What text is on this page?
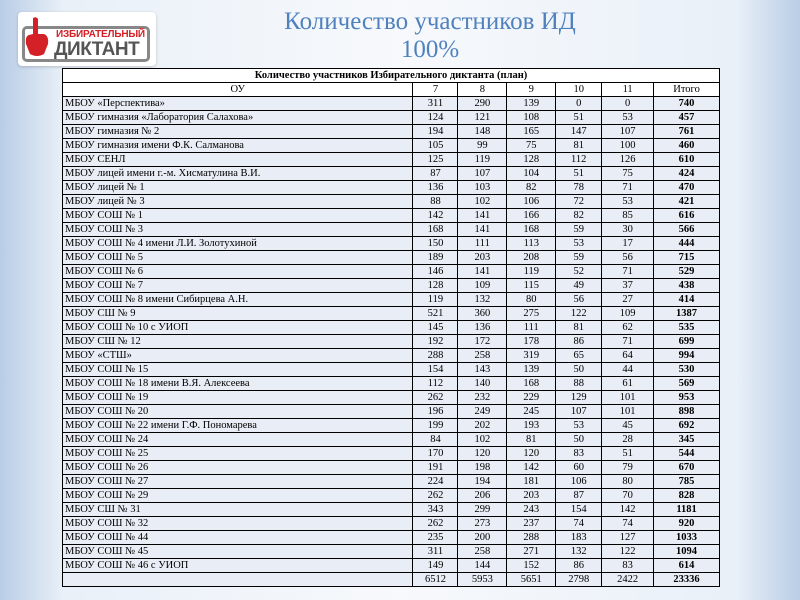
ИЗБИРАТЕЛЬНЫЙ
ДИКТАНТ
Количество участников ИД
100%
Количество участников Избирательного диктанта (план)						
ОУ	7	8	9	10	11	Итого
МБОУ «Перспектива»	311	290	139	0	0	740
МБОУ гимназия «Лаборатория Салахова»	124	121	108	51	53	457
МБОУ гимназия № 2	194	148	165	147	107	761
МБОУ гимназия имени Ф.К. Салманова	105	99	75	81	100	460
МБОУ СЕНЛ	125	119	128	112	126	610
МБОУ лицей имени г.-м. Хисматулина В.И.	87	107	104	51	75	424
МБОУ лицей № 1	136	103	82	78	71	470
МБОУ лицей № 3	88	102	106	72	53	421
МБОУ СОШ № 1	142	141	166	82	85	616
МБОУ СОШ № 3	168	141	168	59	30	566
МБОУ СОШ № 4 имени Л.И. Золотухиной	150	111	113	53	17	444
МБОУ СОШ № 5	189	203	208	59	56	715
МБОУ СОШ № 6	146	141	119	52	71	529
МБОУ СОШ № 7	128	109	115	49	37	438
МБОУ СОШ № 8 имени Сибирцева А.Н.	119	132	80	56	27	414
МБОУ СШ № 9	521	360	275	122	109	1387
МБОУ СОШ № 10 с УИОП	145	136	111	81	62	535
МБОУ СШ № 12	192	172	178	86	71	699
МБОУ «СТШ»	288	258	319	65	64	994
МБОУ СОШ № 15	154	143	139	50	44	530
МБОУ СОШ № 18 имени В.Я. Алексеева	112	140	168	88	61	569
МБОУ СОШ № 19	262	232	229	129	101	953
МБОУ СОШ № 20	196	249	245	107	101	898
МБОУ СОШ № 22 имени Г.Ф. Пономарева	199	202	193	53	45	692
МБОУ СОШ № 24	84	102	81	50	28	345
МБОУ СОШ № 25	170	120	120	83	51	544
МБОУ СОШ № 26	191	198	142	60	79	670
МБОУ СОШ № 27	224	194	181	106	80	785
МБОУ СОШ № 29	262	206	203	87	70	828
МБОУ СШ № 31	343	299	243	154	142	1181
МБОУ СОШ № 32	262	273	237	74	74	920
МБОУ СОШ № 44	235	200	288	183	127	1033
МБОУ СОШ № 45	311	258	271	132	122	1094
МБОУ СОШ № 46 с УИОП	149	144	152	86	83	614
	6512	5953	5651	2798	2422	23336
